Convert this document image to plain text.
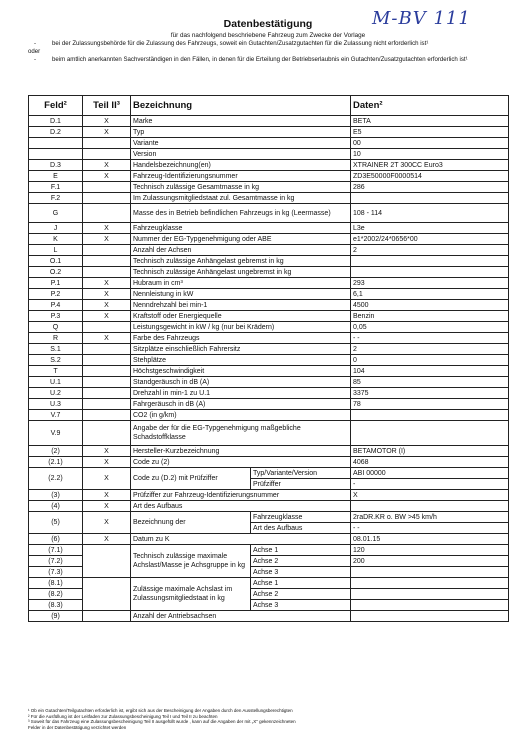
M-BV 111
Datenbestätigung
für das nachfolgend beschriebene Fahrzeug zum Zwecke der Vorlage
-	bei der Zulassungsbehörde für die Zulassung des Fahrzeugs, soweit ein Gutachten/Zusatzgutachten für die Zulassung nicht erforderlich ist¹
oder
-	beim amtlich anerkannten Sachverständigen in den Fällen, in denen für die Erteilung der Betriebserlaubnis ein Gutachten/Zusatzgutachten erforderlich ist¹
Feld²	Teil II³	Bezeichnung		Daten²
D.1	X	Marke		BETA
D.2	X	Typ		E5
		Variante		00
		Version		10
D.3	X	Handelsbezeichnung(en)		XTRAINER 2T 300CC Euro3
E	X	Fahrzeug-Identifizierungsnummer		ZD3E50000F0000514
F.1		Technisch zulässige Gesamtmasse in kg		286
F.2		Im Zulassungsmitgliedstaat zul. Gesamtmasse in kg		
G		Masse des in Betrieb befindlichen Fahrzeugs in kg (Leermasse)		108 - 114
J	X	Fahrzeugklasse		L3e
K	X	Nummer der EG-Typgenehmigung oder ABE		e1*2002/24*0656*00
L		Anzahl der Achsen		2
O.1		Technisch zulässige Anhängelast gebremst in kg		
O.2		Technisch zulässige Anhängelast ungebremst in kg		
P.1	X	Hubraum in cm³		293
P.2	X	Nennleistung in kW		6,1
P.4	X	Nenndrehzahl bei min-1		4500
P.3	X	Kraftstoff oder Energiequelle		Benzin
Q		Leistungsgewicht in kW / kg (nur bei Krädern)		0,05
R	X	Farbe des Fahrzeugs		- -
S.1		Sitzplätze einschließlich Fahrersitz		2
S.2		Stehplätze		0
T		Höchstgeschwindigkeit		104
U.1		Standgeräusch in dB (A)		85
U.2		Drehzahl in min-1 zu U.1		3375
U.3		Fahrgeräusch in dB (A)		78
V.7		CO2 (in g/km)		
V.9		Angabe der für die EG-Typgenehmigung maßgebliche Schadstoffklasse		
(2)	X	Hersteller-Kurzbezeichnung		BETAMOTOR (I)
(2.1)	X	Code zu (2)		4068
(2.2)	X	Code zu (D.2) mit Prüfziffer	Typ/Variante/Version	ABI 00000
			Prüfziffer	-
(3)	X	Prüfziffer zur Fahrzeug-Identifizierungsnummer		X
(4)	X	Art des Aufbaus		
(5)	X	Bezeichnung der	Fahrzeugklasse	2raDR.KR o. BW >45 km/h
			Art des Aufbaus	- -
(6)	X	Datum zu K		08.01.15
(7.1)		Technisch zulässige maximale Achslast/Masse je Achsgruppe in kg	Achse 1	120
(7.2)			Achse 2	200
(7.3)			Achse 3	
(8.1)		Zulässige maximale Achslast im Zulassungsmitgliedstaat in kg	Achse 1	
(8.2)			Achse 2	
(8.3)			Achse 3	
(9)		Anzahl der Antriebsachsen		
¹ Ob ein Gutachten/Teilgutachten erforderlich ist, ergibt sich aus der Bescheinigung der Angaben durch den Ausstellungsberechtigten
² Für die Ausfüllung ist der Leitfaden zur Zulassungsbescheinigung Teil I und Teil II zu beachten
³ Soweit für das Fahrzeug eine Zulassungsbescheinigung Teil II ausgefüllt wurde , kann auf die Angaben der mit „X" gekennzeichneten
Felder in der Datenbestätigung verzichtet werden
